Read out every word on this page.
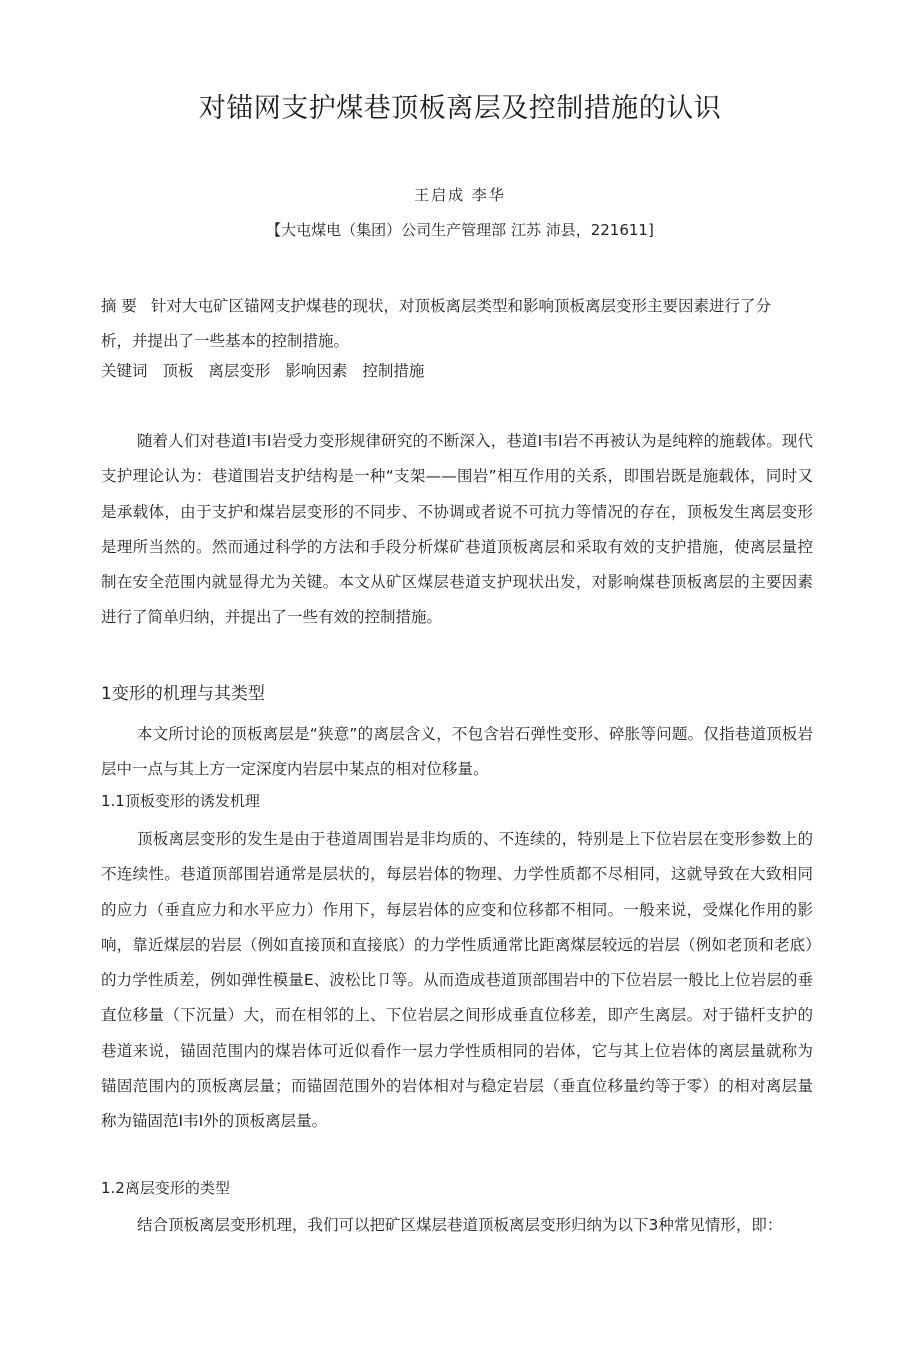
对锚网支护煤巷顶板离层及控制措施的认识
王启成 李华
【大屯煤电（集团）公司生产管理部 江苏 沛县，221611]
摘 要 针对大屯矿区锚网支护煤巷的现状，对顶板离层类型和影响顶板离层变形主要因素进行了分析，并提出了一些基本的控制措施。
关键词 顶板 离层变形 影响因素 控制措施

随着人们对巷道I韦I岩受力变形规律研究的不断深入，巷道I韦I岩不再被认为是纯粹的施载体。现代支护理论认为：巷道围岩支护结构是一种“支架——围岩”相互作用的关系，即围岩既是施载体，同时又是承载体，由于支护和煤岩层变形的不同步、不协调或者说不可抗力等情况的存在，顶板发生离层变形是理所当然的。然而通过科学的方法和手段分析煤矿巷道顶板离层和采取有效的支护措施，使离层量控制在安全范围内就显得尤为关键。本文从矿区煤层巷道支护现状出发，对影响煤巷顶板离层的主要因素进行了简单归纳，并提出了一些有效的控制措施。

1变形的机理与其类型

本文所讨论的顶板离层是“狭意”的离层含义，不包含岩石弹性变形、碎胀等问题。仅指巷道顶板岩层中一点与其上方一定深度内岩层中某点的相对位移量。

1.1顶板变形的诱发机理

顶板离层变形的发生是由于巷道周围岩是非均质的、不连续的，特别是上下位岩层在变形参数上的不连续性。巷道顶部围岩通常是层状的，每层岩体的物理、力学性质都不尽相同，这就导致在大致相同的应力（垂直应力和水平应力）作用下，每层岩体的应变和位移都不相同。一般来说，受煤化作用的影响，靠近煤层的岩层（例如直接顶和直接底）的力学性质通常比距离煤层较远的岩层（例如老顶和老底）的力学性质差，例如弹性模量E、波松比卩等。从而造成巷道顶部围岩中的下位岩层一般比上位岩层的垂直位移量（下沉量）大，而在相邻的上、下位岩层之间形成垂直位移差，即产生离层。对于锚杆支护的巷道来说，锚固范围内的煤岩体可近似看作一层力学性质相同的岩体，它与其上位岩体的离层量就称为锚固范围内的顶板离层量；而锚固范围外的岩体相对与稳定岩层（垂直位移量约等于零）的相对离层量称为锚固范I韦I外的顶板离层量。

1.2离层变形的类型

结合顶板离层变形机理，我们可以把矿区煤层巷道顶板离层变形归纳为以下3种常见情形，即：
